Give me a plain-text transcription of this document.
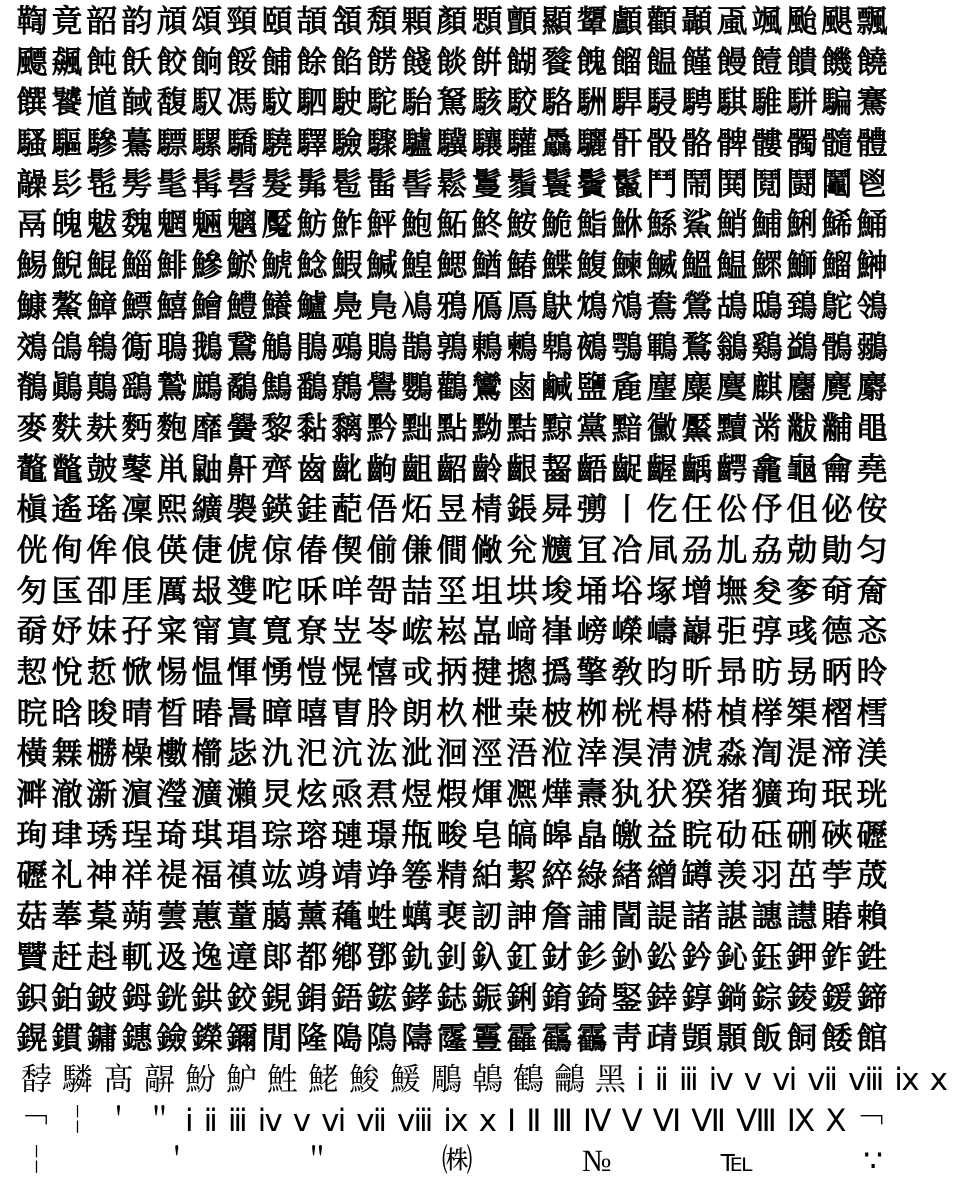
鞫 竟 韶 韵 頏 頌 頸 頤 頡 頷 頽 顆 顏 顋 顫 顯 顰 顱 顴 顳 颪 颯 颱 颶 飄
飃 飆 飩 飫 餃 餉 餒 餔 餘 餡 餝 餞 餤 餠 餬 餮 餽 餾 饂 饉 饅 饐 饋 饑 饒
饌 饕 馗 馘 馥 馭 馮 馼 駟 駛 駝 駘 駑 駭 駮 駱 駲 駻 駸 騁 騏 騅 駢 騙 騫
騷 驅 驂 驀 驃 騾 驕 驍 驛 驗 驟 驢 驥 驤 驩 驫 驪 骭 骰 骼 髀 髏 髑 髓 體
髞 髟 髢 髣 髦 髯 髫 髮 髴 髱 髷 髻 鬆 鬘 鬚 鬟 鬢 鬣 鬥 鬧 鬨 鬩 鬪 鬮 鬯
鬲 魄 魃 魏 魍 魎 魑 魘 魴 鮓 鮃 鮑 鮖 鮗 鮟 鮠 鮨 鮴 鯀 鯊 鮹 鯆 鯏 鯑 鯒
鯣 鯢 鯤 鯔 鯡 鰺 鯲 鯱 鯰 鰕 鰔 鰉 鰓 鰌 鰆 鰈 鰒 鰊 鰄 鰮 鰛 鰥 鰤 鰡 鰰
鱇 鰲 鱆 鰾 鱚 鱠 鱧 鱶 鱸 鳧 鳬 鳰 鴉 鴈 鳫 鴃 鴆 鴪 鴦 鶯 鴣 鴟 鵄 鴕 鴒
鵁 鴿 鴾 鵆 鵈 鵝 鵞 鵤 鵑 鵐 鵙 鵲 鶉 鶇 鶫 鵯 鵺 鶚 鶤 鶩 鶲 鷄 鷁 鶻 鶸
鶺 鷆 鷏 鷂 鷙 鷓 鷸 鷦 鷭 鷯 鷽 鸚 鸛 鸞 鹵 鹹 鹽 麁 麈 麋 麌 麒 麕 麑 麝
麥 麩 麸 麪 麭 靡 黌 黎 黏 黐 黔 黜 點 黝 黠 黥 黨 黯 黴 黶 黷 黹 黻 黼 黽
鼇 鼈 皷 鼕 鼡 鼬 鼾 齊 齒 齔 齣 齟 齠 齡 齦 齧 齬 齪 齷 齲 齶 龕 龜 龠 堯
槇 遙 瑤 凜 熙 纊 褜 鍈 銈 蓜 俉 炻 昱 棈 鋹 曻 彅 丨 仡 仼 伀 伃 伹 佖 侒
侊 侚 侔 俍 偀 倢 俿 倞 偆 偰 偂 傔 僴 僘 兊 兤 冝 冾 凬 刕 劜 劦 勀 勛 匀
匇 匤 卲 厓 厲 叝 﨎 咜 咊 咩 哿 喆 坙 坥 垬 埈 埇 﨏 塚 增 墲 夋 奓 奛 奝
奣 妤 妺 孖 寀 甯 寘 寬 尞 岦 岺 峵 崧 嵓 﨑 嵂 嵭 嶸 嶹 巐 弡 弴 彧 德 忞
恝 悅 悊 惞 惕 愠 惲 愑 愷 愰 憘 戓 抦 揵 摠 撝 擎 敎 昀 昕 昻 昉 昮 昞 昤
晥 晗 晙 晴 晳 暙 暠 暲 暿 曺 朎 朗 杦 枻 桒 柀 栁 桄 棏 﨓 楨 﨔 榘 槢 樰
橫 橆 橳 橾 櫢 櫤 毖 氿 汜 沆 汯 泚 洄 涇 浯 涖 涬 淏 淸 淲 淼 渹 湜 渧 渼
溿 澈 澵 濵 瀅 瀇 瀨 炅 炫 焏 焄 煜 煆 煇 凞 燁 燾 犱 犾 猤 猪 獷 玽 珉 珖
珣 珒 琇 珵 琦 琪 琩 琮 瑢 璉 璟 甁 畯 皂 皜 皞 皛 皦 益 睆 劯 砡 硎 硤 礰
礰 礼 神 祥 禔 福 禛 竑 竧 靖 竫 箞 精 絈 絜 綷 綠 緖 繒 罇 羡 羽 茁 荢 荿
菇 菶 葈 蒴 蕓 蕙 蕫 﨟 薰 蘒 﨡 蠇 裵 訒 訷 詹 誧 誾 諟 諸 諶 譓 譿 賰 賴
贒 赶 﨣 軏 﨤 逸 遧 郞 都 鄕 鄧 釚 釗 釞 釭 釮 釤 釥 鈆 鈐 鈊 鈺 鉀 鈼 鉎
鉙 鉑 鈹 鉧 銧 鉷 鉸 鋧 鋗 鋙 鋐 﨧 鋕 鋠 鋓 錥 錡 鋻 﨨 錞 鋿 錝 錂 鍰 鍗
鎤 鏆 鏞 鏸 鐱 鑅 鑈 閒 隆 﨩 隝 隯 霳 霻 靃 靍 靏 靑 靕 顗 顥 飯 飼 餧 館
馞 驎 髙 髜 魵 魲 鮏 鮱 鮻 鰀 鵰 鵫 鶴 鸙 黑 ⅰ ⅱ ⅲ ⅳ ⅴ ⅵ ⅶ ⅷ ⅸ ⅹ
￢ ￤ ＇ ＂ ⅰ ⅱ ⅲ ⅳ ⅴ ⅵ ⅶ ⅷ ⅸ ⅹ Ⅰ Ⅱ Ⅲ Ⅳ Ⅴ Ⅵ Ⅶ Ⅷ Ⅸ Ⅹ ￢
￤	＇	＂	㈱	№	℡	∵
